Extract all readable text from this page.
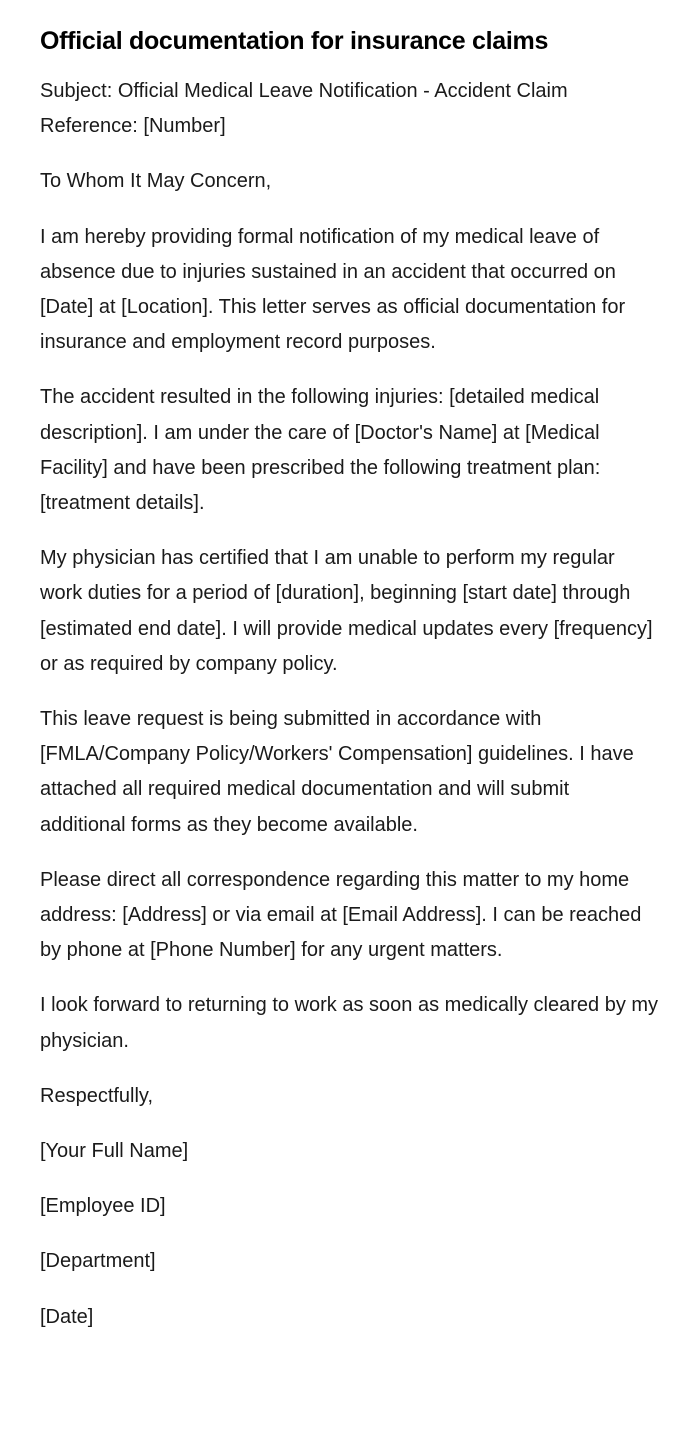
Official documentation for insurance claims

Subject: Official Medical Leave Notification - Accident Claim Reference: [Number]

To Whom It May Concern,

I am hereby providing formal notification of my medical leave of absence due to injuries sustained in an accident that occurred on [Date] at [Location]. This letter serves as official documentation for insurance and employment record purposes.

The accident resulted in the following injuries: [detailed medical description]. I am under the care of [Doctor's Name] at [Medical Facility] and have been prescribed the following treatment plan: [treatment details].

My physician has certified that I am unable to perform my regular work duties for a period of [duration], beginning [start date] through [estimated end date]. I will provide medical updates every [frequency] or as required by company policy.

This leave request is being submitted in accordance with [FMLA/Company Policy/Workers' Compensation] guidelines. I have attached all required medical documentation and will submit additional forms as they become available.

Please direct all correspondence regarding this matter to my home address: [Address] or via email at [Email Address]. I can be reached by phone at [Phone Number] for any urgent matters.

I look forward to returning to work as soon as medically cleared by my physician.

Respectfully,

[Your Full Name]

[Employee ID]

[Department]

[Date]
